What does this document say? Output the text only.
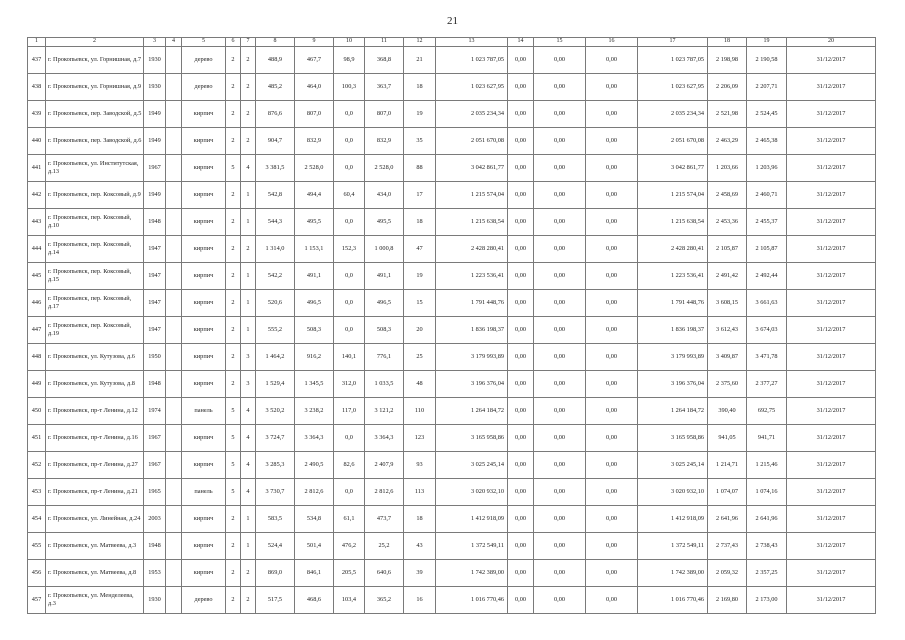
21
1	2	3	4	5	6	7	8	9	10	11	12	13	14	15	16	17	18	19	20
437	г. Прокопьевск, ул. Горнишная, д.7	1930		дерево	2	2	488,9	467,7	98,9	368,8	21	1 023 787,05	0,00	0,00	0,00	1 023 787,05	2 198,98	2 190,58	31/12/2017
438	г. Прокопьевск, ул. Горнишная, д.9	1930		дерево	2	2	485,2	464,0	100,3	363,7	18	1 023 627,95	0,00	0,00	0,00	1 023 627,95	2 206,09	2 207,71	31/12/2017
439	г. Прокопьевск, пер. Заводской, д.5	1949		кирпич	2	2	876,6	807,0	0,0	807,0	19	2 035 234,34	0,00	0,00	0,00	2 035 234,34	2 521,98	2 524,45	31/12/2017
440	г. Прокопьевск, пер. Заводской, д.6	1949		кирпич	2	2	904,7	832,9	0,0	832,9	35	2 051 670,08	0,00	0,00	0,00	2 051 670,08	2 463,29	2 465,38	31/12/2017
441	г. Прокопьевск, ул. Институтская, д.13	1967		кирпич	5	4	3 381,5	2 528,0	0,0	2 528,0	88	3 042 861,77	0,00	0,00	0,00	3 042 861,77	1 203,66	1 203,96	31/12/2017
442	г. Прокопьевск, пер. Коксовый, д.9	1949		кирпич	2	1	542,8	494,4	60,4	434,0	17	1 215 574,04	0,00	0,00	0,00	1 215 574,04	2 458,69	2 460,71	31/12/2017
443	г. Прокопьевск, пер. Коксовый, д.10	1948		кирпич	2	1	544,3	495,5	0,0	495,5	18	1 215 638,54	0,00	0,00	0,00	1 215 638,54	2 453,36	2 455,37	31/12/2017
444	г. Прокопьевск, пер. Коксовый, д.14	1947		кирпич	2	2	1 314,0	1 153,1	152,3	1 000,8	47	2 428 280,41	0,00	0,00	0,00	2 428 280,41	2 105,87	2 105,87	31/12/2017
445	г. Прокопьевск, пер. Коксовый, д.15	1947		кирпич	2	1	542,2	491,1	0,0	491,1	19	1 223 536,41	0,00	0,00	0,00	1 223 536,41	2 491,42	2 492,44	31/12/2017
446	г. Прокопьевск, пер. Коксовый, д.17	1947		кирпич	2	1	520,6	496,5	0,0	496,5	15	1 791 448,76	0,00	0,00	0,00	1 791 448,76	3 608,15	3 661,63	31/12/2017
447	г. Прокопьевск, пер. Коксовый, д.19	1947		кирпич	2	1	555,2	508,3	0,0	508,3	20	1 836 198,37	0,00	0,00	0,00	1 836 198,37	3 612,43	3 674,03	31/12/2017
448	г. Прокопьевск, ул. Кутузова, д.6	1950		кирпич	2	3	1 464,2	916,2	140,1	776,1	25	3 179 993,89	0,00	0,00	0,00	3 179 993,89	3 409,87	3 471,78	31/12/2017
449	г. Прокопьевск, ул. Кутузова, д.8	1948		кирпич	2	3	1 529,4	1 345,5	312,0	1 033,5	48	3 196 376,04	0,00	0,00	0,00	3 196 376,04	2 375,60	2 377,27	31/12/2017
450	г. Прокопьевск, пр-т Ленина, д.12	1974		панель	5	4	3 520,2	3 238,2	117,0	3 121,2	110	1 264 184,72	0,00	0,00	0,00	1 264 184,72	390,40	692,75	31/12/2017
451	г. Прокопьевск, пр-т Ленина, д.16	1967		кирпич	5	4	3 724,7	3 364,3	0,0	3 364,3	123	3 165 958,86	0,00	0,00	0,00	3 165 958,86	941,05	941,71	31/12/2017
452	г. Прокопьевск, пр-т Ленина, д.27	1967		кирпич	5	4	3 285,3	2 490,5	82,6	2 407,9	93	3 025 245,14	0,00	0,00	0,00	3 025 245,14	1 214,71	1 215,46	31/12/2017
453	г. Прокопьевск, пр-т Ленина, д.21	1965		панель	5	4	3 730,7	2 812,6	0,0	2 812,6	113	3 020 932,10	0,00	0,00	0,00	3 020 932,10	1 074,07	1 074,16	31/12/2017
454	г. Прокопьевск, ул. Линейная, д.24	2003		кирпич	2	1	583,5	534,8	61,1	473,7	18	1 412 918,09	0,00	0,00	0,00	1 412 918,09	2 641,96	2 641,96	31/12/2017
455	г. Прокопьевск, ул. Матвеева, д.3	1948		кирпич	2	1	524,4	501,4	476,2	25,2	43	1 372 549,11	0,00	0,00	0,00	1 372 549,11	2 737,43	2 738,43	31/12/2017
456	г. Прокопьевск, ул. Матвеева, д.8	1953		кирпич	2	2	869,0	846,1	205,5	640,6	39	1 742 389,00	0,00	0,00	0,00	1 742 389,00	2 059,32	2 357,25	31/12/2017
457	г. Прокопьевск, ул. Менделеева, д.3	1930		дерево	2	2	517,5	468,6	103,4	365,2	16	1 016 770,46	0,00	0,00	0,00	1 016 770,46	2 169,80	2 173,00	31/12/2017
